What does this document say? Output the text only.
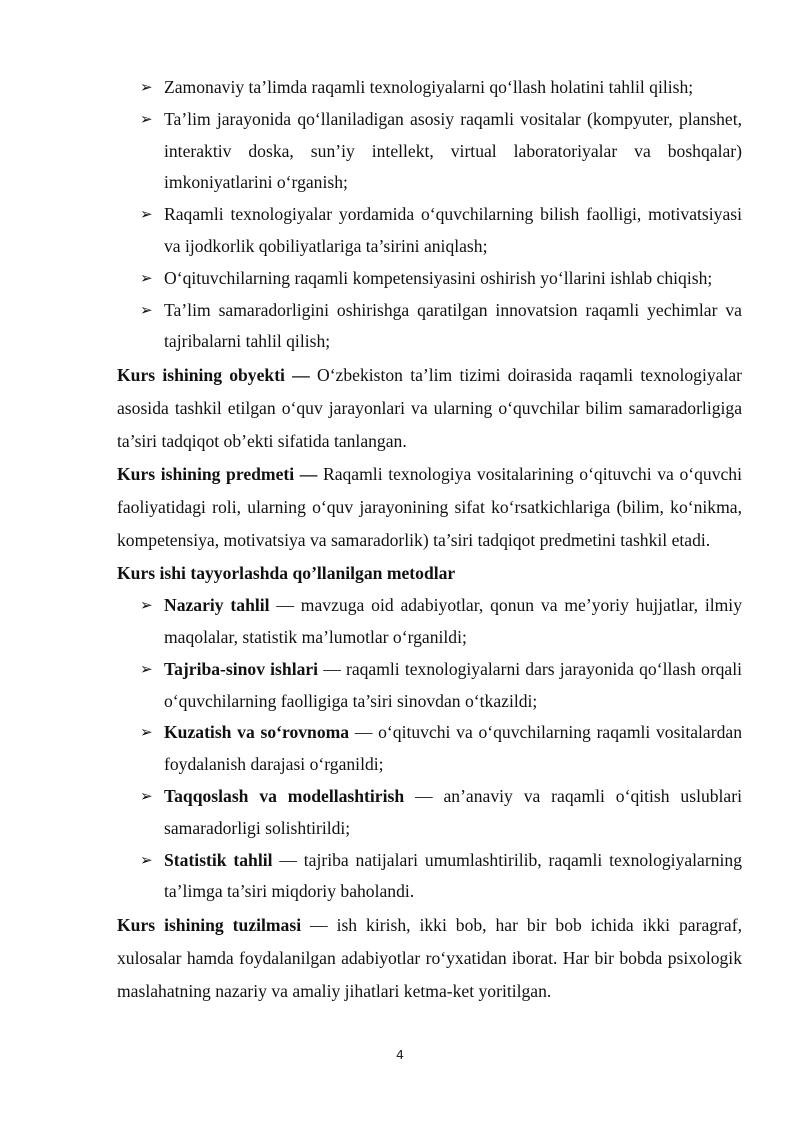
➢ Zamonaviy ta’limda raqamli texnologiyalarni qo‘llash holatini tahlil qilish;
➢ Ta’lim jarayonida qo‘llaniladigan asosiy raqamli vositalar (kompyuter, planshet, interaktiv doska, sun’iy intellekt, virtual laboratoriyalar va boshqalar) imkoniyatlarini o‘rganish;
➢ Raqamli texnologiyalar yordamida o‘quvchilarning bilish faolligi, motivatsiyasi va ijodkorlik qobiliyatlariga ta’sirini aniqlash;
➢ O‘qituvchilarning raqamli kompetensiyasini oshirish yo‘llarini ishlab chiqish;
➢ Ta’lim samaradorligini oshirishga qaratilgan innovatsion raqamli yechimlar va tajribalarni tahlil qilish;

Kurs ishining obyekti — O‘zbekiston ta’lim tizimi doirasida raqamli texnologiyalar asosida tashkil etilgan o‘quv jarayonlari va ularning o‘quvchilar bilim samaradorligiga ta’siri tadqiqot ob’ekti sifatida tanlangan.

Kurs ishining predmeti — Raqamli texnologiya vositalarining o‘qituvchi va o‘quvchi faoliyatidagi roli, ularning o‘quv jarayonining sifat ko‘rsatkichlariga (bilim, ko‘nikma, kompetensiya, motivatsiya va samaradorlik) ta’siri tadqiqot predmetini tashkil etadi.

Kurs ishi tayyorlashda qo’llanilgan metodlar

➢ Nazariy tahlil — mavzuga oid adabiyotlar, qonun va me’yoriy hujjatlar, ilmiy maqolalar, statistik ma’lumotlar o‘rganildi;
➢ Tajriba-sinov ishlari — raqamli texnologiyalarni dars jarayonida qo‘llash orqali o‘quvchilarning faolligiga ta’siri sinovdan o‘tkazildi;
➢ Kuzatish va so‘rovnoma — o‘qituvchi va o‘quvchilarning raqamli vositalardan foydalanish darajasi o‘rganildi;
➢ Taqqoslash va modellashtirish — an’anaviy va raqamli o‘qitish uslublari samaradorligi solishtirildi;
➢ Statistik tahlil — tajriba natijalari umumlashtirilib, raqamli texnologiyalarning ta’limga ta’siri miqdoriy baholandi.

Kurs ishining tuzilmasi — ish kirish, ikki bob, har bir bob ichida ikki paragraf, xulosalar hamda foydalanilgan adabiyotlar ro‘yxatidan iborat. Har bir bobda psixologik maslahatning nazariy va amaliy jihatlari ketma-ket yoritilgan.

4
